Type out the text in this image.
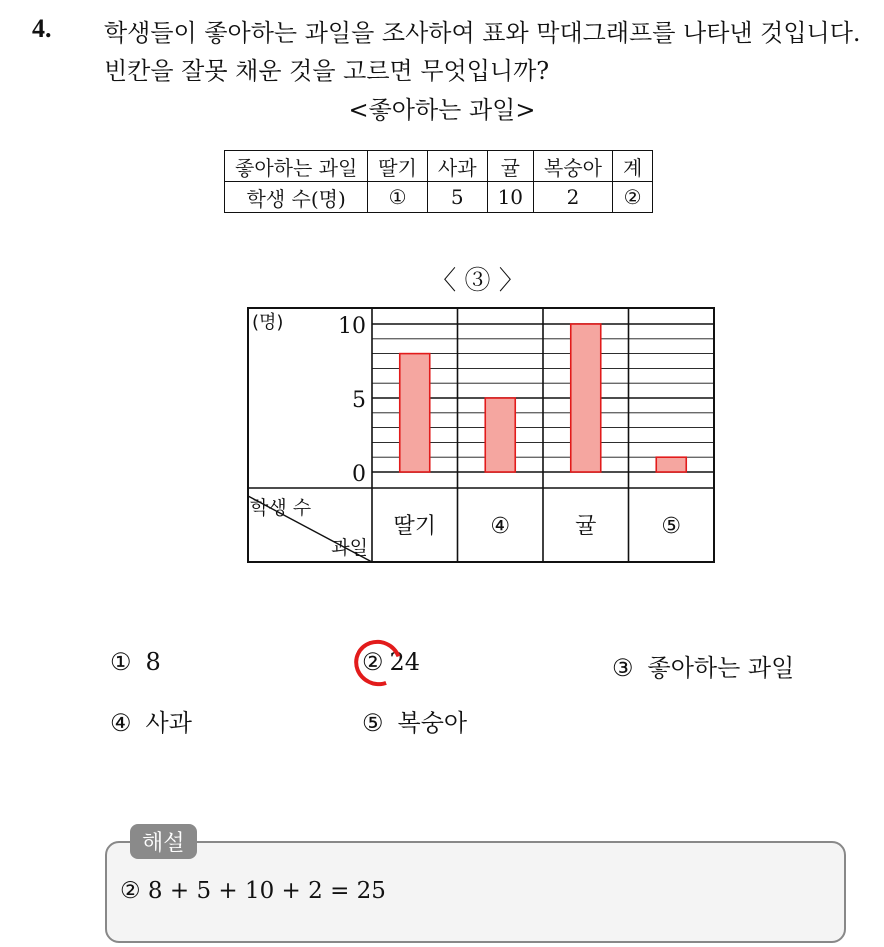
4. 학생들이 좋아하는 과일을 조사하여 표와 막대그래프를 나타낸 것입니다. 빈칸을 잘못 채운 것을 고르면 무엇입니까?
<좋아하는 과일>
좋아하는 과일	딸기	사과	귤	복숭아	계
학생 수(명)	①	5	10	2	②
〈 ③ 〉
0
5
10
(명)
딸기 ④	귤	⑤
학생 수
과일
① 8	② 24	③ 좋아하는 과일
④ 사과	⑤ 복숭아
해설
② 8 + 5 + 10 + 2 = 25
